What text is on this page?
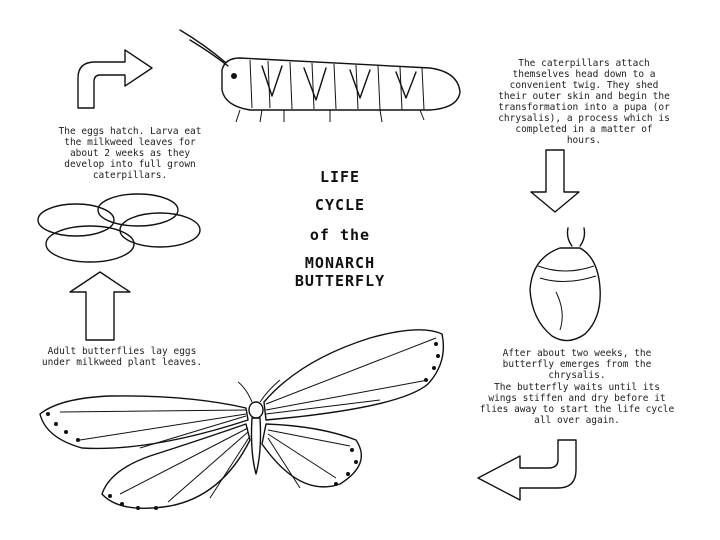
LIFE
CYCLE
of the
MONARCH
BUTTERFLY
The eggs hatch. Larva eat
the milkweed leaves for
about 2 weeks as they
develop into full grown
caterpillars.
The caterpillars attach
themselves head down to a
convenient twig. They shed
their outer skin and begin the
transformation into a pupa (or
chrysalis), a process which is
completed in a matter of
hours.
Adult butterflies lay eggs
under milkweed plant leaves.
After about two weeks, the
butterfly emerges from the
chrysalis.
The butterfly waits until its
wings stiffen and dry before it
flies away to start the life cycle
all over again.
